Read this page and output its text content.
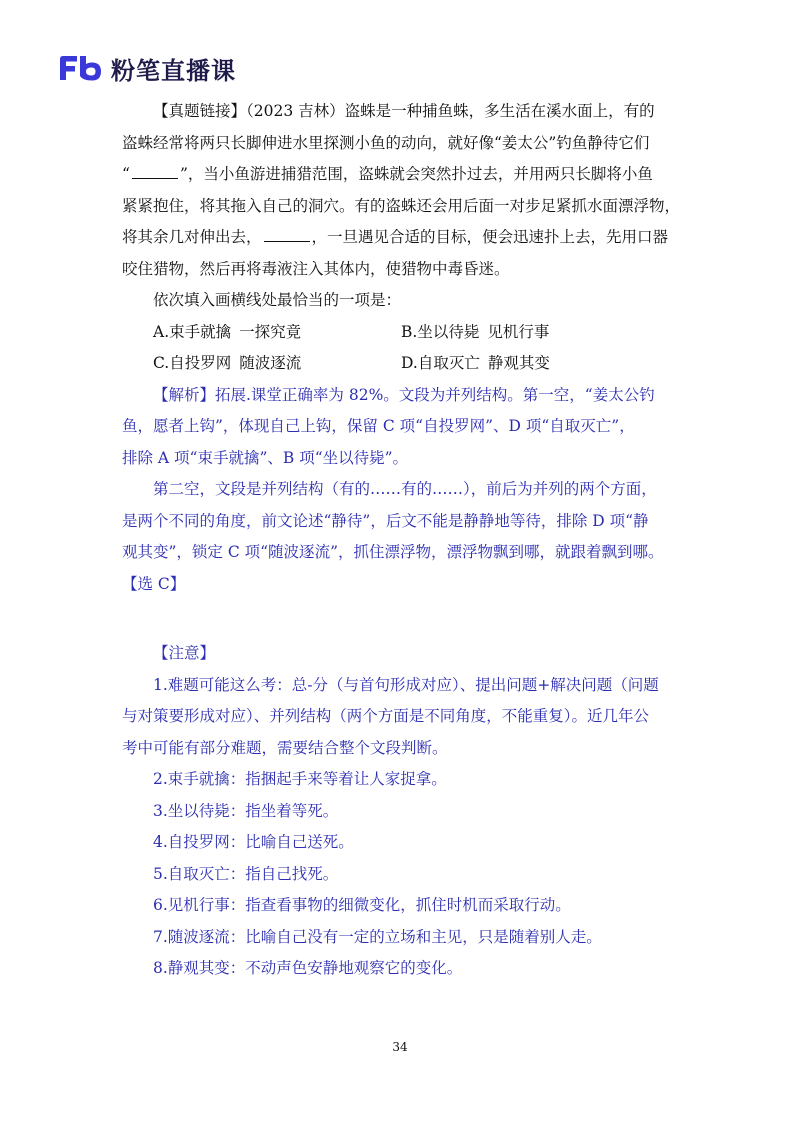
粉笔直播课

【真题链接】（2023 吉林）盗蛛是一种捕鱼蛛，多生活在溪水面上，有的

盗蛛经常将两只长脚伸进水里探测小鱼的动向，就好像“姜太公”钓鱼静待它们

“	”，当小鱼游进捕猎范围，盗蛛就会突然扑过去，并用两只长脚将小鱼

紧紧抱住，将其拖入自己的洞穴。有的盗蛛还会用后面一对步足紧抓水面漂浮物，

将其余几对伸出去，	，一旦遇见合适的目标，便会迅速扑上去，先用口器

咬住猎物，然后再将毒液注入其体内，使猎物中毒昏迷。

依次填入画横线处最恰当的一项是：

A.束手就擒 一探究竟	B.坐以待毙 见机行事
C.自投罗网 随波逐流	D.自取灭亡 静观其变

【解析】拓展.课堂正确率为 82%。文段为并列结构。第一空，“姜太公钓

鱼，愿者上钩”，体现自己上钩，保留 C 项“自投罗网”、D 项“自取灭亡”，

排除 A 项“束手就擒”、B 项“坐以待毙”。

第二空，文段是并列结构（有的……有的……），前后为并列的两个方面，

是两个不同的角度，前文论述“静待”，后文不能是静静地等待，排除 D 项“静

观其变”，锁定 C 项“随波逐流”，抓住漂浮物，漂浮物飘到哪，就跟着飘到哪。

【选 C】

【注意】

1.难题可能这么考：总-分（与首句形成对应）、提出问题+解决问题（问题

与对策要形成对应）、并列结构（两个方面是不同角度，不能重复）。近几年公

考中可能有部分难题，需要结合整个文段判断。

2.束手就擒：指捆起手来等着让人家捉拿。

3.坐以待毙：指坐着等死。

4.自投罗网：比喻自己送死。

5.自取灭亡：指自己找死。

6.见机行事：指查看事物的细微变化，抓住时机而采取行动。

7.随波逐流：比喻自己没有一定的立场和主见，只是随着别人走。

8.静观其变：不动声色安静地观察它的变化。

34
